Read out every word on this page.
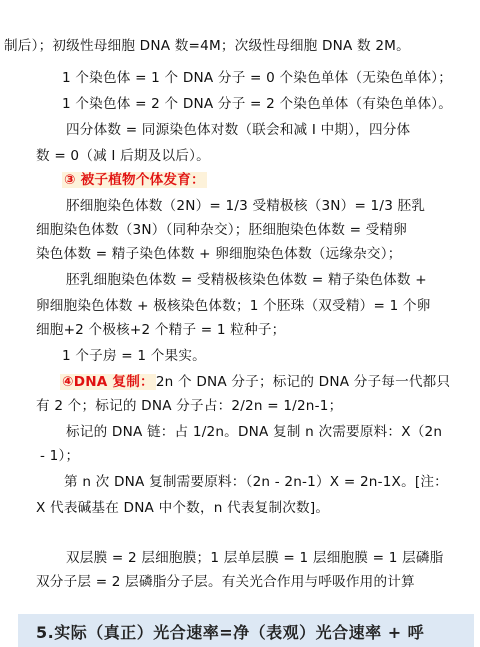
制后）；初级性母细胞 DNA 数=4M；次级性母细胞 DNA 数 2M。
1 个染色体 = 1 个 DNA 分子 = 0 个染色单体（无染色单体）；
1 个染色体 = 2 个 DNA 分子 = 2 个染色单体（有染色单体）。
四分体数 = 同源染色体对数（联会和减 I 中期），四分体
数 = 0（减 I 后期及以后）。
③ 被子植物个体发育：
肧细胞染色体数（2N）= 1/3 受精极核（3N）= 1/3 胚乳
细胞染色体数（3N）（同种杂交）；胚细胞染色体数 = 受精卵
染色体数 = 精子染色体数 + 卵细胞染色体数（远缘杂交）；
胚乳细胞染色体数 = 受精极核染色体数 = 精子染色体数 +
卵细胞染色体数 + 极核染色体数；1 个胚珠（双受精）= 1 个卵
细胞+2 个极核+2 个精子 = 1 粒种子；
1 个子房 = 1 个果实。
④DNA 复制： 2n 个 DNA 分子；标记的 DNA 分子每一代都只
有 2 个；标记的 DNA 分子占：2/2n = 1/2n-1；
标记的 DNA 链：占 1/2n。DNA 复制 n 次需要原料：X（2n
- 1）；
第 n 次 DNA 复制需要原料：（2n - 2n-1）X = 2n-1X。[注：
X 代表碱基在 DNA 中个数，n 代表复制次数]。
双层膜 = 2 层细胞膜；1 层单层膜 = 1 层细胞膜 = 1 层磷脂
双分子层 = 2 层磷脂分子层。有关光合作用与呼吸作用的计算
5.实际（真正）光合速率=净（表观）光合速率 + 呼
